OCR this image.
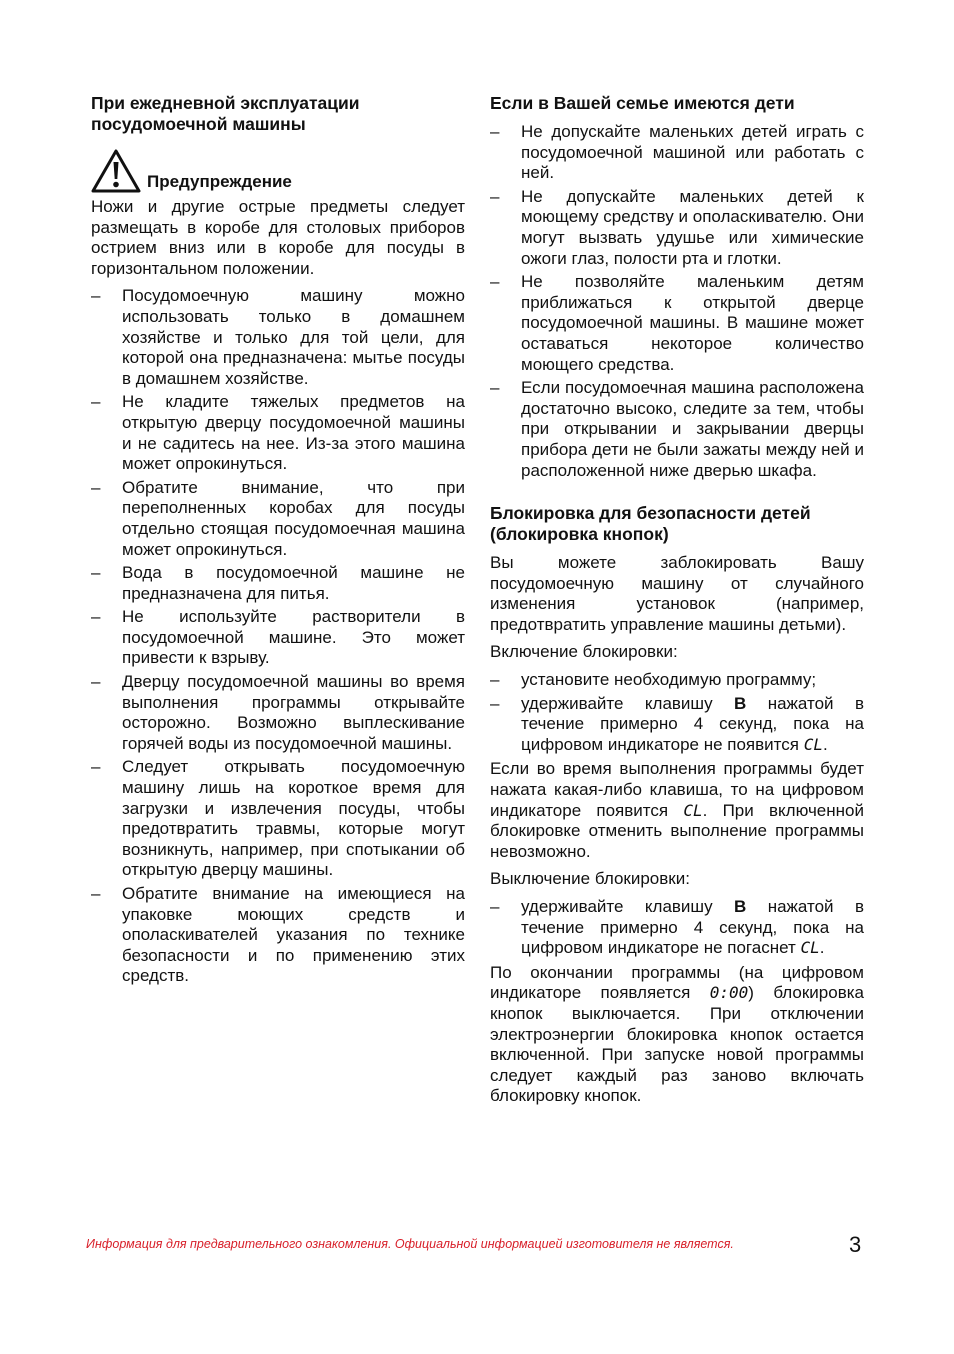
При ежедневной эксплуатации посудомоечной машины
Предупреждение

Ножи и другие острые предметы следует размещать в коробе для столовых приборов острием вниз или в коробе для посуды в горизонтальном положении.

– Посудомоечную машину можно использовать только в домашнем хозяйстве и только для той цели, для которой она предназначена: мытье посуды в домашнем хозяйстве.
– Не кладите тяжелых предметов на открытую дверцу посудомоечной машины и не садитесь на нее. Из-за этого машина может опрокинуться.
– Обратите внимание, что при переполненных коробах для посуды отдельно стоящая посудомоечная машина может опрокинуться.
– Вода в посудомоечной машине не предназначена для питья.
– Не используйте растворители в посудомоечной машине. Это может привести к взрыву.
– Дверцу посудомоечной машины во время выполнения программы открывайте осторожно. Возможно выплескивание горячей воды из посудомоечной машины.
– Следует открывать посудомоечную машину лишь на короткое время для загрузки и извлечения посуды, чтобы предотвратить травмы, которые могут возникнуть, например, при спотыкании об открытую дверцу машины.
– Обратите внимание на имеющиеся на упаковке моющих средств и ополаскивателей указания по технике безопасности и по применению этих средств.
Если в Вашей семье имеются дети
– Не допускайте маленьких детей играть с посудомоечной машиной или работать с ней.
– Не допускайте маленьких детей к моющему средству и ополаскивателю. Они могут вызвать удушье или химические ожоги глаз, полости рта и глотки.
– Не позволяйте маленьким детям приближаться к открытой дверце посудомоечной машины. В машине может оставаться некоторое количество моющего средства.
– Если посудомоечная машина расположена достаточно высоко, следите за тем, чтобы при открывании и закрывании дверцы прибора дети не были зажаты между ней и расположенной ниже дверью шкафа.
Блокировка для безопасности детей (блокировка кнопок)

Вы можете заблокировать Вашу посудомоечную машину от случайного изменения установок (например, предотвратить управление машины детьми).

Включение блокировки:

– установите необходимую программу;
– удерживайте клавишу B нажатой в течение примерно 4 секунд, пока на цифровом индикаторе не появится CL.

Если во время выполнения программы будет нажата какая-либо клавиша, то на цифровом индикаторе появится CL. При включенной блокировке отменить выполнение программы невозможно.

Выключение блокировки:

– удерживайте клавишу B нажатой в течение примерно 4 секунд, пока на цифровом индикаторе не погаснет CL.

По окончании программы (на цифровом индикаторе появляется 0:00) блокировка кнопок выключается. При отключении электроэнергии блокировка кнопок остается включенной. При запуске новой программы следует каждый раз заново включать блокировку кнопок.

Информация для предварительного ознакомления. Официальной информацией изготовителя не является.	3
